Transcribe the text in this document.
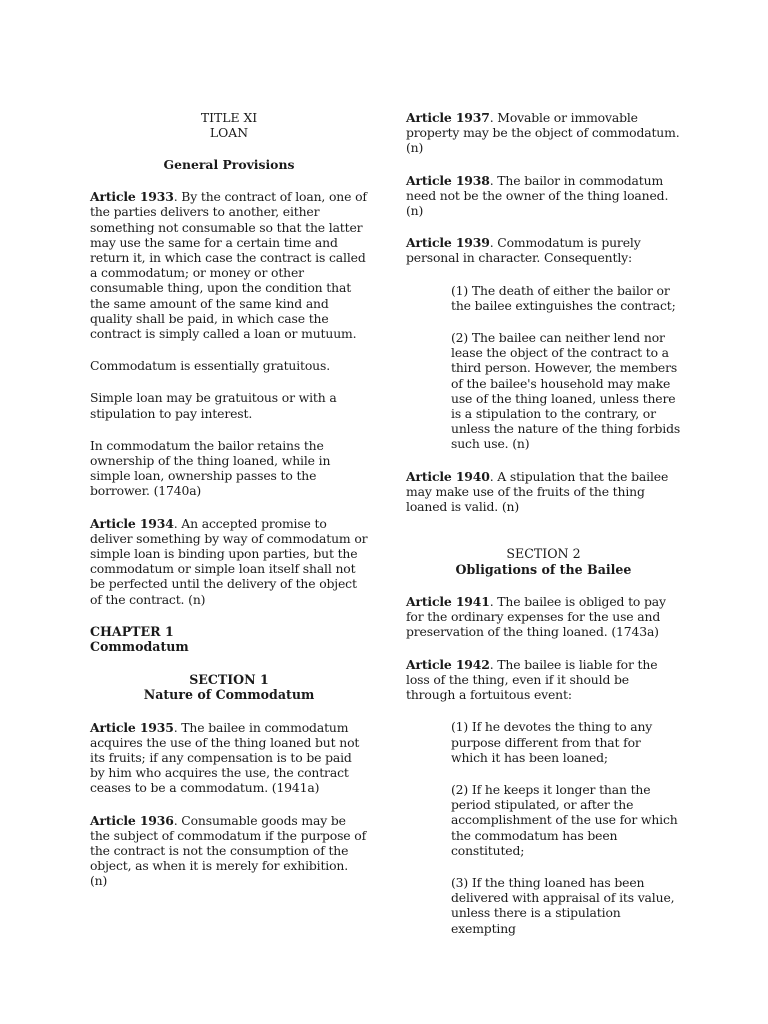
TITLE XI
LOAN
General Provisions

Article 1933. By the contract of loan, one of the parties delivers to another, either something not consumable so that the latter may use the same for a certain time and return it, in which case the contract is called a commodatum; or money or other consumable thing, upon the condition that the same amount of the same kind and quality shall be paid, in which case the contract is simply called a loan or mutuum.

Commodatum is essentially gratuitous.

Simple loan may be gratuitous or with a stipulation to pay interest.

In commodatum the bailor retains the ownership of the thing loaned, while in simple loan, ownership passes to the borrower. (1740a)

Article 1934. An accepted promise to deliver something by way of commodatum or simple loan is binding upon parties, but the commodatum or simple loan itself shall not be perfected until the delivery of the object of the contract. (n)

CHAPTER 1
Commodatum
SECTION 1
Nature of Commodatum

Article 1935. The bailee in commodatum acquires the use of the thing loaned but not its fruits; if any compensation is to be paid by him who acquires the use, the contract ceases to be a commodatum. (1941a)

Article 1936. Consumable goods may be the subject of commodatum if the purpose of the contract is not the consumption of the object, as when it is merely for exhibition. (n)

Article 1937. Movable or immovable property may be the object of commodatum. (n)

Article 1938. The bailor in commodatum need not be the owner of the thing loaned. (n)

Article 1939. Commodatum is purely personal in character. Consequently:

(1) The death of either the bailor or the bailee extinguishes the contract;

(2) The bailee can neither lend nor lease the object of the contract to a third person. However, the members of the bailee's household may make use of the thing loaned, unless there is a stipulation to the contrary, or unless the nature of the thing forbids such use. (n)

Article 1940. A stipulation that the bailee may make use of the fruits of the thing loaned is valid. (n)

SECTION 2
Obligations of the Bailee

Article 1941. The bailee is obliged to pay for the ordinary expenses for the use and preservation of the thing loaned. (1743a)

Article 1942. The bailee is liable for the loss of the thing, even if it should be through a fortuitous event:

(1) If he devotes the thing to any purpose different from that for which it has been loaned;

(2) If he keeps it longer than the period stipulated, or after the accomplishment of the use for which the commodatum has been constituted;

(3) If the thing loaned has been delivered with appraisal of its value, unless there is a stipulation exempting
